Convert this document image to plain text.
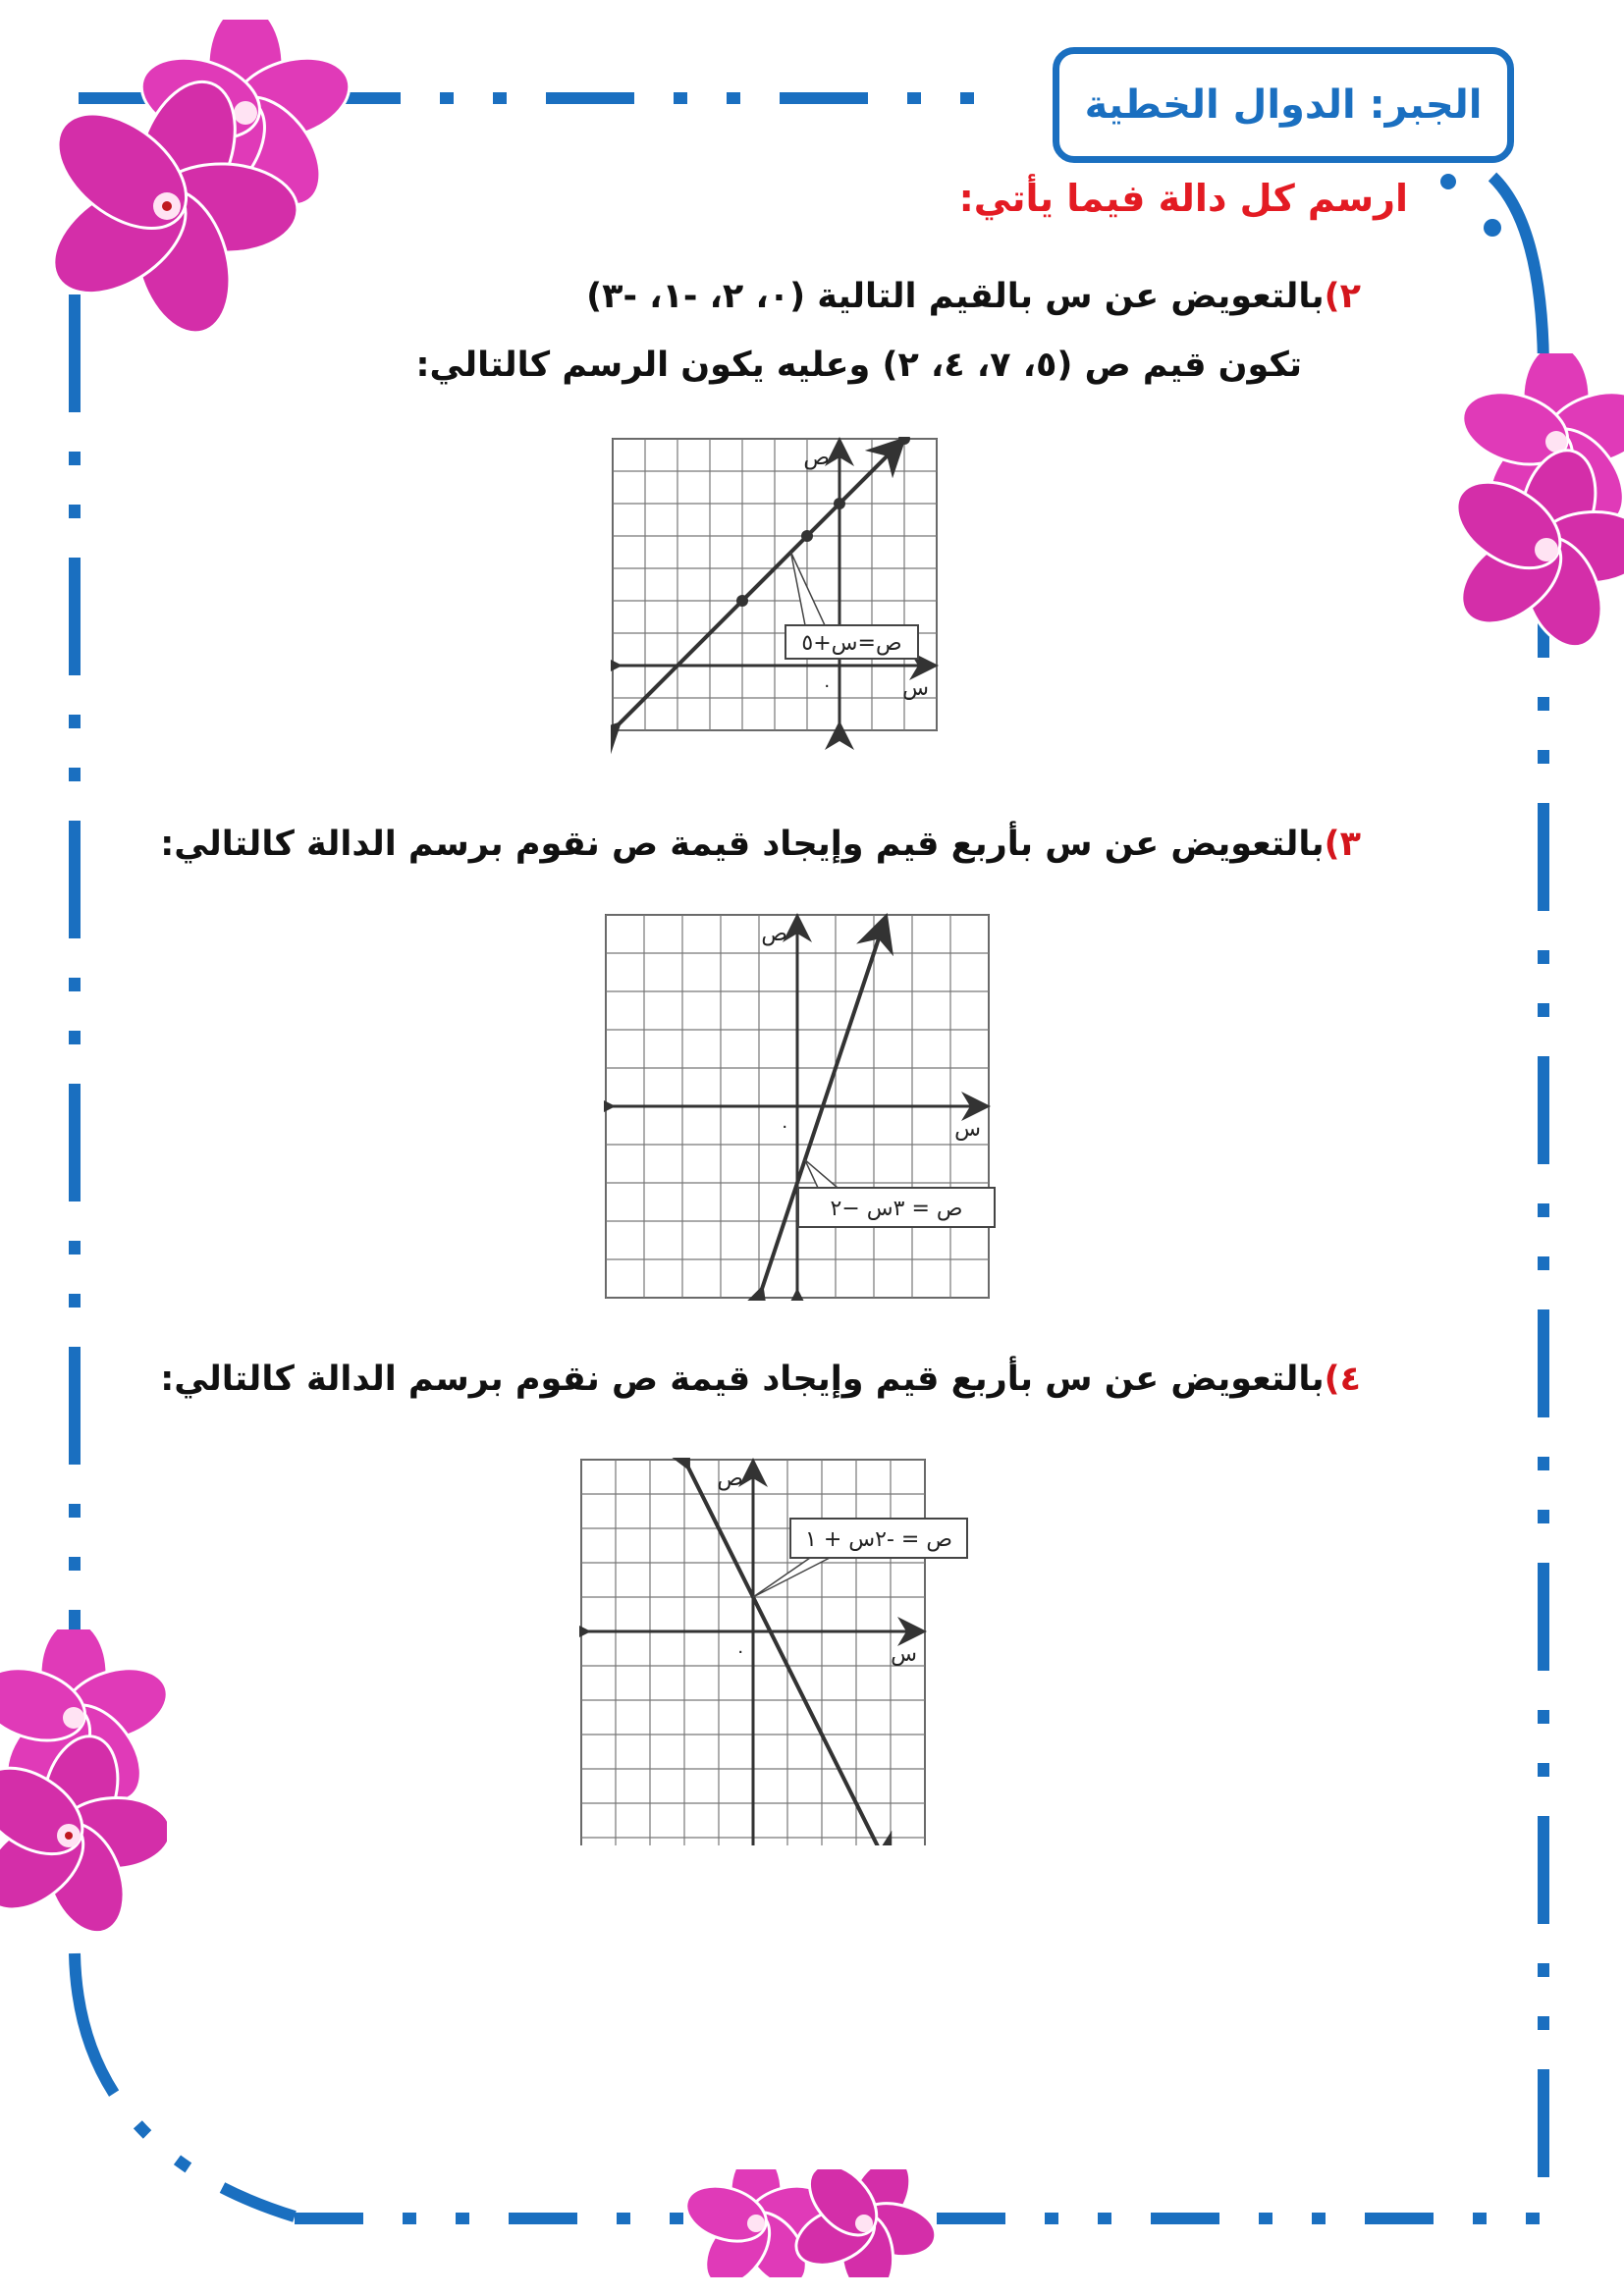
الجبر: الدوال الخطية
ارسم كل دالة فيما يأتي:
٢)بالتعويض عن س بالقيم التالية (٠، ٢، -١، -٣)
تكون قيم ص (٥، ٧، ٤، ٢) وعليه يكون الرسم كالتالي:
ص
س
٠
ص=س+٥
٣)بالتعويض عن س بأربع قيم وإيجاد قيمة ص نقوم برسم الدالة كالتالي:
ص
س
٠
ص = ٣س −٢
٤)بالتعويض عن س بأربع قيم وإيجاد قيمة ص نقوم برسم الدالة كالتالي:
ص
س
٠
ص = -٢س + ١
